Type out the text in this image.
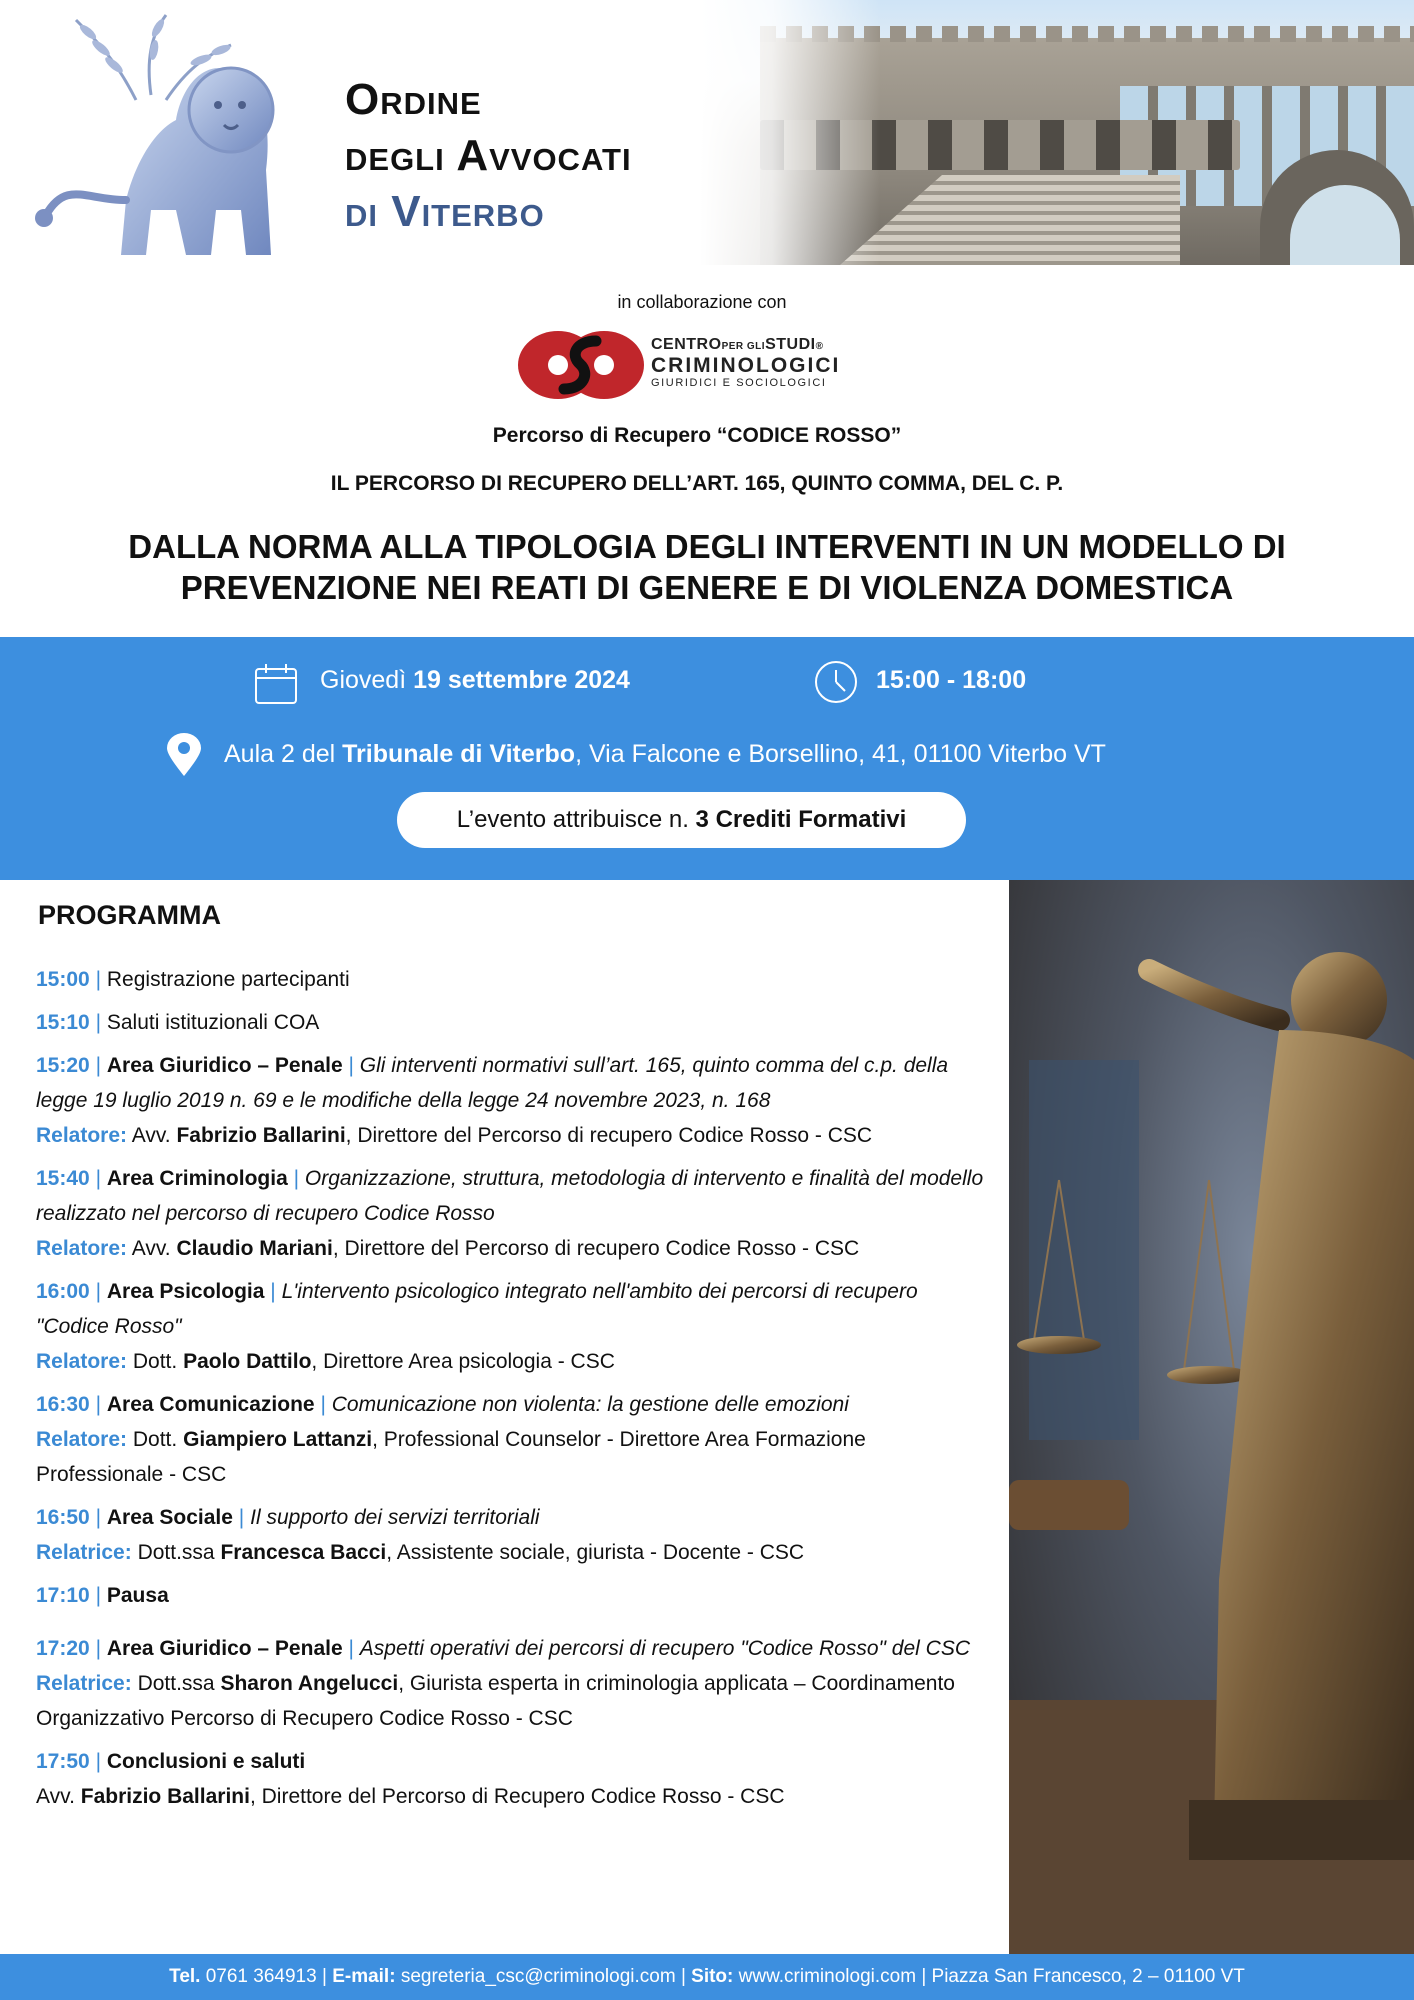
Ordine
degli Avvocati
di Viterbo
in collaborazione con
CENTROPER GLISTUDI®
CRIMINOLOGICI
GIURIDICI E SOCIOLOGICI
Percorso di Recupero “CODICE ROSSO”
IL PERCORSO DI RECUPERO DELL’ART. 165, QUINTO COMMA, DEL C. P.
DALLA NORMA ALLA TIPOLOGIA DEGLI INTERVENTI IN UN MODELLO DI
PREVENZIONE NEI REATI DI GENERE E DI VIOLENZA DOMESTICA
Giovedì 19 settembre 2024	15:00 - 18:00
Aula 2 del Tribunale di Viterbo, Via Falcone e Borsellino, 41, 01100 Viterbo VT
L’evento attribuisce n. 3 Crediti Formativi
PROGRAMMA
15:00 | Registrazione partecipanti
15:10 | Saluti istituzionali COA
15:20 | Area Giuridico – Penale | Gli interventi normativi sull’art. 165, quinto comma del c.p. della legge 19 luglio 2019 n. 69 e le modifiche della legge 24 novembre 2023, n. 168
Relatore: Avv. Fabrizio Ballarini, Direttore del Percorso di recupero Codice Rosso - CSC
15:40 | Area Criminologia | Organizzazione, struttura, metodologia di intervento e finalità del modello realizzato nel percorso di recupero Codice Rosso
Relatore: Avv. Claudio Mariani, Direttore del Percorso di recupero Codice Rosso - CSC
16:00 | Area Psicologia | L'intervento psicologico integrato nell'ambito dei percorsi di recupero "Codice Rosso"
Relatore: Dott. Paolo Dattilo, Direttore Area psicologia - CSC
16:30 | Area Comunicazione | Comunicazione non violenta: la gestione delle emozioni
Relatore: Dott. Giampiero Lattanzi, Professional Counselor - Direttore Area Formazione Professionale - CSC
16:50 | Area Sociale | Il supporto dei servizi territoriali
Relatrice: Dott.ssa Francesca Bacci, Assistente sociale, giurista - Docente - CSC
17:10 | Pausa
17:20 | Area Giuridico – Penale | Aspetti operativi dei percorsi di recupero "Codice Rosso" del CSC
Relatrice: Dott.ssa Sharon Angelucci, Giurista esperta in criminologia applicata – Coordinamento Organizzativo Percorso di Recupero Codice Rosso - CSC
17:50 | Conclusioni e saluti
Avv. Fabrizio Ballarini, Direttore del Percorso di Recupero Codice Rosso - CSC
Tel. 0761 364913 | E-mail: segreteria_csc@criminologi.com | Sito: www.criminologi.com | Piazza San Francesco, 2 – 01100 VT
